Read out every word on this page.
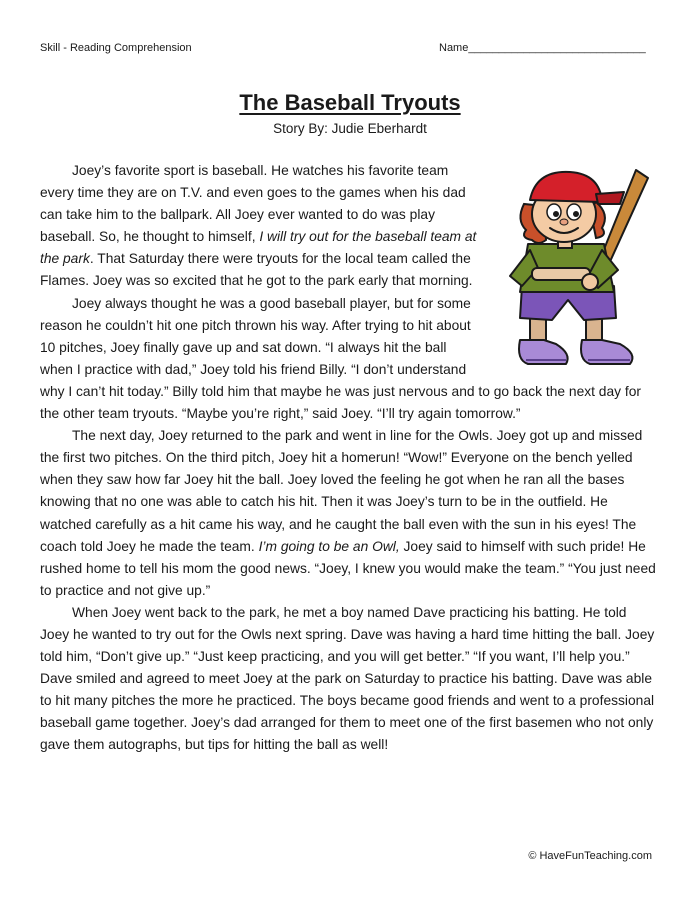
Skill - Reading Comprehension	Name_____________________________
The Baseball Tryouts
Story By: Judie Eberhardt

Joey’s favorite sport is baseball. He watches his favorite team every time they are on T.V. and even goes to the games when his dad can take him to the ballpark. All Joey ever wanted to do was play baseball. So, he thought to himself, I will try out for the baseball team at the park. That Saturday there were tryouts for the local team called the Flames. Joey was so excited that he got to the park early that morning.

Joey always thought he was a good baseball player, but for some reason he couldn’t hit one pitch thrown his way. After trying to hit about 10 pitches, Joey finally gave up and sat down. “I always hit the ball when I practice with dad,” Joey told his friend Billy. “I don’t understand why I can’t hit today.” Billy told him that maybe he was just nervous and to go back the next day for the other team tryouts. “Maybe you’re right,” said Joey. “I’ll try again tomorrow.”

The next day, Joey returned to the park and went in line for the Owls. Joey got up and missed the first two pitches. On the third pitch, Joey hit a homerun! “Wow!” Everyone on the bench yelled when they saw how far Joey hit the ball. Joey loved the feeling he got when he ran all the bases knowing that no one was able to catch his hit. Then it was Joey’s turn to be in the outfield. He watched carefully as a hit came his way, and he caught the ball even with the sun in his eyes! The coach told Joey he made the team. I’m going to be an Owl, Joey said to himself with such pride! He rushed home to tell his mom the good news. “Joey, I knew you would make the team.” “You just need to practice and not give up.”

When Joey went back to the park, he met a boy named Dave practicing his batting. He told Joey he wanted to try out for the Owls next spring. Dave was having a hard time hitting the ball. Joey told him, “Don’t give up.” “Just keep practicing, and you will get better.” “If you want, I’ll help you.” Dave smiled and agreed to meet Joey at the park on Saturday to practice his batting. Dave was able to hit many pitches the more he practiced. The boys became good friends and went to a professional baseball game together. Joey’s dad arranged for them to meet one of the first basemen who not only gave them autographs, but tips for hitting the ball as well!

© HaveFunTeaching.com
